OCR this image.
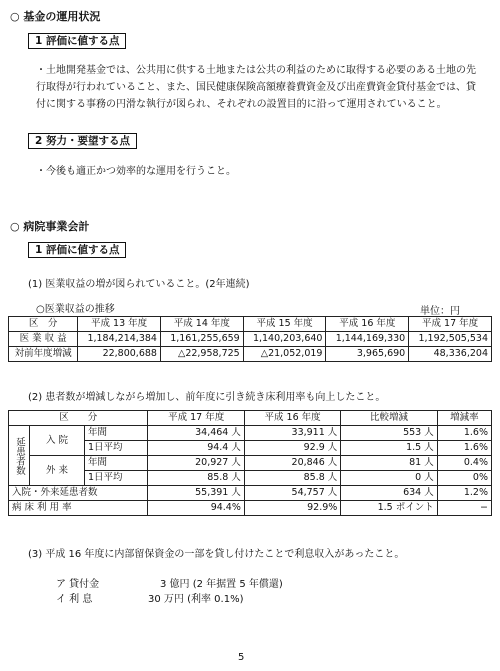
○ 基金の運用状況
1 評価に値する点
・土地開発基金では、公共用に供する土地または公共の利益のために取得する必要のある土地の先行取得が行われていること、また、国民健康保険高額療養費資金及び出産費資金貸付基金では、貸付に関する事務の円滑な執行が図られ、それぞれの設置目的に沿って運用されていること。
2 努力・要望する点
・今後も適正かつ効率的な運用を行うこと。
○ 病院事業会計
1 評価に値する点
(1) 医業収益の増が図られていること。(2年連続)
○医業収益の推移	単位：円
区　分	平成 13 年度	平成 14 年度	平成 15 年度	平成 16 年度	平成 17 年度
医 業 収 益	1,184,214,384	1,161,255,659	1,140,203,640	1,144,169,330	1,192,505,534
対前年度増減	22,800,688	△22,958,725	△21,052,019	3,965,690	48,336,204
(2) 患者数が増減しながら増加し、前年度に引き続き床利用率も向上したこと。
区　　分			平成 17 年度	平成 16 年度	比較増減	増減率
延患者数	入 院	年間	34,464 人	33,911 人	553 人	1.6%
		1日平均	94.4 人	92.9 人	1.5 人	1.6%
	外 来	年間	20,927 人	20,846 人	81 人	0.4%
		1日平均	85.8 人	85.8 人	0 人	0%
入院・外来延患者数			55,391 人	54,757 人	634 人	1.2%
病 床 利 用 率			94.4%	92.9%	1.5 ポイント	−
(3) 平成 16 年度に内部留保資金の一部を貸し付けたことで利息収入があったこと。
ア 貸付金	3 億円 (2 年据置 5 年償還)
イ 利 息	30 万円 (利率 0.1%)
5
